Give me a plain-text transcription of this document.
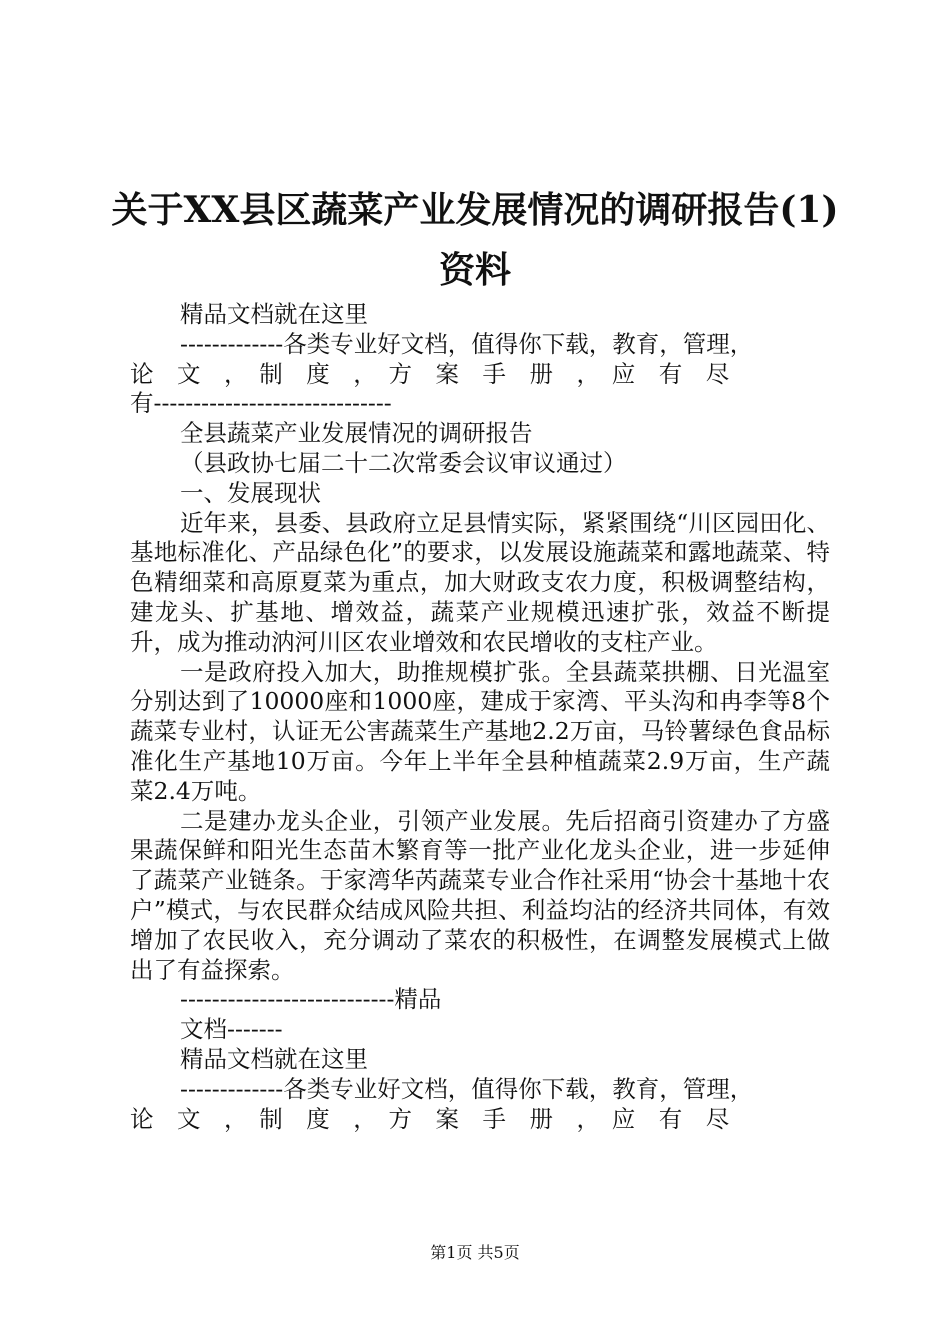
关于XX县区蔬菜产业发展情况的调研报告(1)
资料

精品文档就在这里

-------------各类专业好文档，值得你下载，教育，管理，

论　文　，　制　度　，　方　案　手　册　，　应　有　尽

有------------------------------

全县蔬菜产业发展情况的调研报告

（县政协七届二十二次常委会议审议通过）

一、发展现状

近年来，县委、县政府立足县情实际，紧紧围绕“川区园田化、基地标准化、产品绿色化”的要求，以发展设施蔬菜和露地蔬菜、特色精细菜和高原夏菜为重点，加大财政支农力度，积极调整结构，建龙头、扩基地、增效益，蔬菜产业规模迅速扩张，效益不断提升，成为推动汭河川区农业增效和农民增收的支柱产业。

一是政府投入加大，助推规模扩张。全县蔬菜拱棚、日光温室分别达到了10000座和1000座，建成于家湾、平头沟和冉李等8个蔬菜专业村，认证无公害蔬菜生产基地2.2万亩，马铃薯绿色食品标准化生产基地10万亩。今年上半年全县种植蔬菜2.9万亩，生产蔬菜2.4万吨。

二是建办龙头企业，引领产业发展。先后招商引资建办了方盛果蔬保鲜和阳光生态苗木繁育等一批产业化龙头企业，进一步延伸了蔬菜产业链条。于家湾华芮蔬菜专业合作社采用“协会十基地十农户”模式，与农民群众结成风险共担、利益均沾的经济共同体，有效增加了农民收入，充分调动了菜农的积极性，在调整发展模式上做出了有益探索。

---------------------------精品

文档-------

精品文档就在这里

-------------各类专业好文档，值得你下载，教育，管理，

论　文　，　制　度　，　方　案　手　册　，　应　有　尽

第1页 共5页
